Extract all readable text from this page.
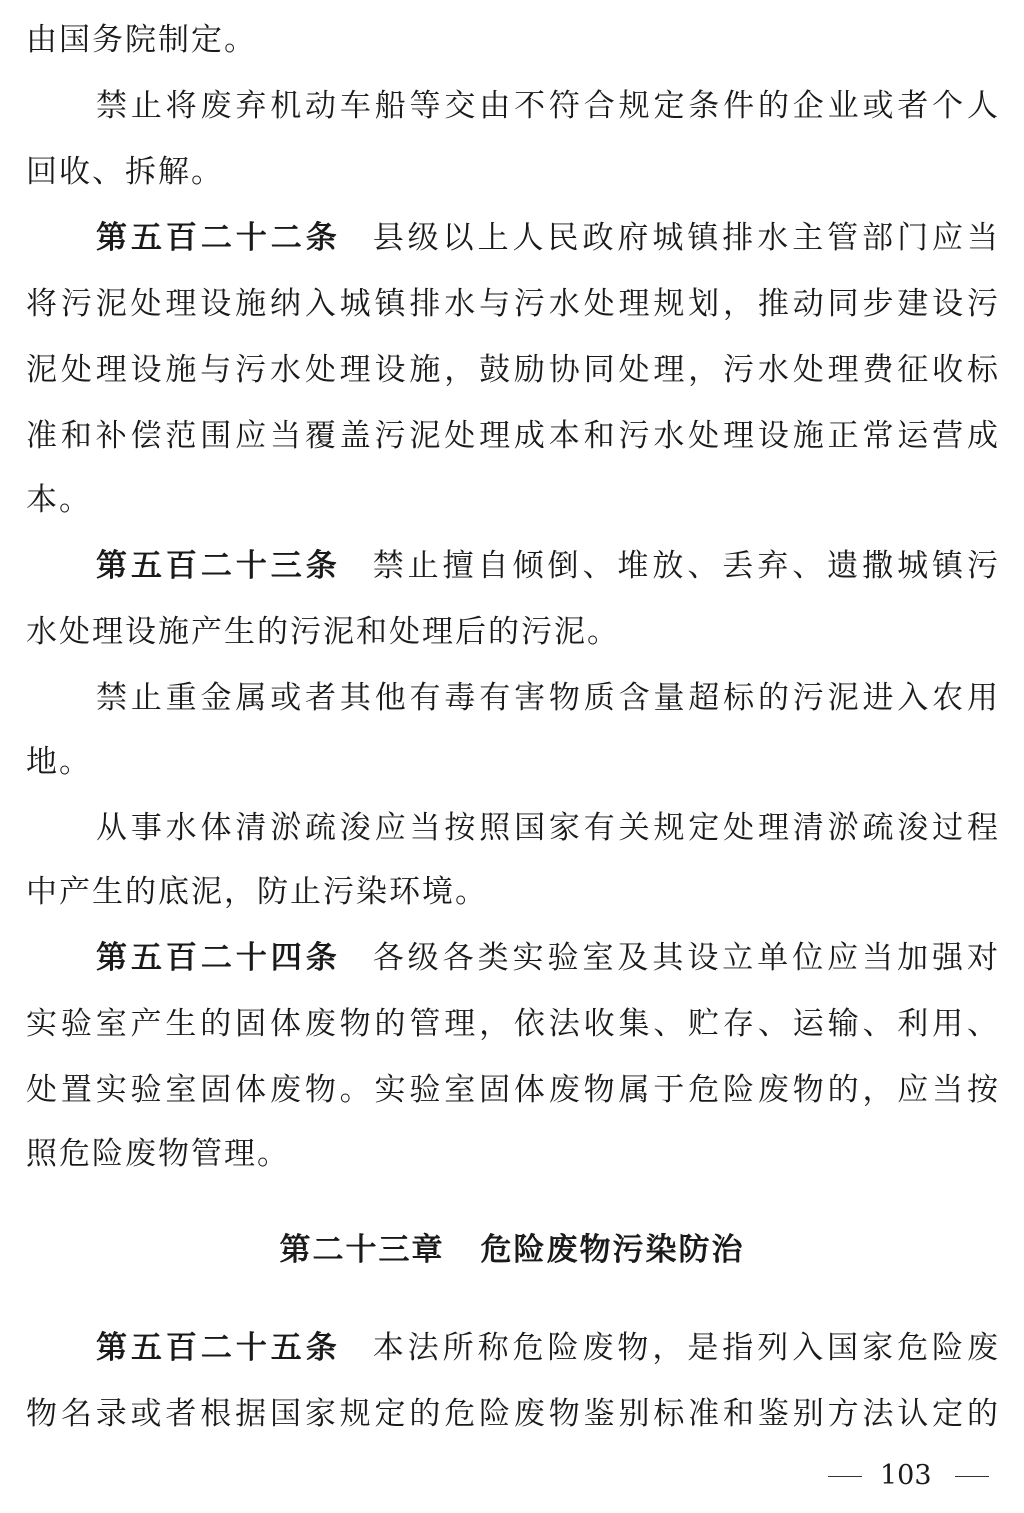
由国务院制定。
禁止将废弃机动车船等交由不符合规定条件的企业或者个人
回收、拆解。
第五百二十二条 县级以上人民政府城镇排水主管部门应当
将污泥处理设施纳入城镇排水与污水处理规划，推动同步建设污
泥处理设施与污水处理设施，鼓励协同处理，污水处理费征收标
准和补偿范围应当覆盖污泥处理成本和污水处理设施正常运营成
本。
第五百二十三条 禁止擅自倾倒、堆放、丢弃、遗撒城镇污
水处理设施产生的污泥和处理后的污泥。
禁止重金属或者其他有毒有害物质含量超标的污泥进入农用
地。
从事水体清淤疏浚应当按照国家有关规定处理清淤疏浚过程
中产生的底泥，防止污染环境。
第五百二十四条 各级各类实验室及其设立单位应当加强对
实验室产生的固体废物的管理，依法收集、贮存、运输、利用、
处置实验室固体废物。实验室固体废物属于危险废物的，应当按
照危险废物管理。
第二十三章 危险废物污染防治
第五百二十五条 本法所称危险废物，是指列入国家危险废
物名录或者根据国家规定的危险废物鉴别标准和鉴别方法认定的
103
